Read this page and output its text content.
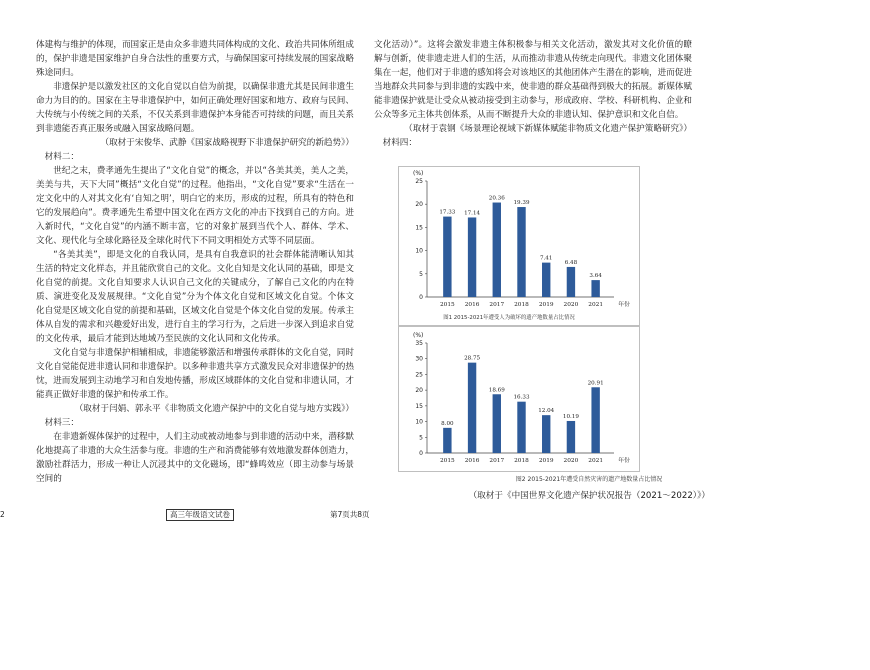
体建构与维护的体现，而国家正是由众多非遗共同体构成的文化、政治共同体所组成的，保护非遗是国家维护自身合法性的重要方式，与确保国家可持续发展的国家战略殊途同归。

非遗保护是以激发社区的文化自觉以自信为前提，以确保非遗尤其是民间非遗生命力为目的的。国家在主导非遗保护中，如何正确处理好国家和地方、政府与民间、大传统与小传统之间的关系，不仅关系到非遗保护本身能否可持续的问题，而且关系到非遗能否真正服务或融入国家战略问题。

（取材于宋俊华、武静《国家战略视野下非遗保护研究的新趋势》）

材料二：

世纪之末，费孝通先生提出了“文化自觉”的概念，并以“各美其美，美人之美，美美与共，天下大同”概括“文化自觉”的过程。他指出，“文化自觉”要求“生活在一定文化中的人对其文化有‘自知之明’，明白它的来历，形成的过程，所具有的特色和它的发展趋向”。费孝通先生希望中国文化在西方文化的冲击下找到自己的方向。进入新时代，“文化自觉”的内涵不断丰富，它的对象扩展到当代个人、群体、学术、文化、现代化与全球化路径及全球化时代下不同文明相处方式等不同层面。

“各美其美”，即是文化的自我认同，是具有自我意识的社会群体能清晰认知其生活的特定文化样态，并且能欣赏自己的文化。文化自知是文化认同的基础，即是文化自觉的前提。文化自知要求人认识自己文化的关键成分，了解自己文化的内在特质、演进变化及发展规律。“文化自觉”分为个体文化自觉和区域文化自觉。个体文化自觉是区域文化自觉的前提和基础，区域文化自觉是个体文化自觉的发展。传承主体从自发的需求和兴趣爱好出发，进行自主的学习行为，之后进一步深入到追求自觉的文化传承，最后才能到达地域乃至民族的文化认同和文化传承。

文化自觉与非遗保护相辅相成，非遗能够激活和增强传承群体的文化自觉，同时文化自觉能促进非遗认同和非遗保护。以多种非遗共享方式激发民众对非遗保护的热忱，进而发展到主动地学习和自发地传播，形成区域群体的文化自觉和非遗认同，才能真正做好非遗的保护和传承工作。

（取材于闫娟、郭永平《非物质文化遗产保护中的文化自觉与地方实践》）

材料三：

在非遗新媒体保护的过程中，人们主动或被动地参与到非遗的活动中来，潜移默化地提高了非遗的大众生活参与度。非遗的生产和消费能够有效地激发群体创造力，激励社群活力，形成一种让人沉浸其中的文化磁场，即“蜂鸣效应（即主动参与场景空间的

文化活动）”。这将会激发非遗主体积极参与相关文化活动，激发其对文化价值的瞭解与创新，使非遗走进人们的生活，从而推动非遗从传统走向现代。非遗文化团体聚集在一起，他们对于非遗的感知将会对该地区的其他团体产生潜在的影响，进而促进当地群众共同参与到非遗的实践中来，使非遗的群众基础得到极大的拓展。新媒体赋能非遗保护就是让受众从被动接受到主动参与，形成政府、学校、科研机构、企业和公众等多元主体共创体系，从而不断提升大众的非遗认知、保护意识和文化自信。

（取材于袁钢《场景理论视域下新媒体赋能非物质文化遗产保护策略研究》）

材料四：

(%)
0
5
10
15
20
25
17.33
2015
17.14
2016
20.36
2017
19.39
2018
7.41
2019
6.48
2020
3.64
2021	年份
图1 2015-2021年遭受人为破坏的遗产地数量占比情况
(%)
0
5
10
15
20
25
30
35
8.00
2015
28.75
2016
18.69
2017
16.33
2018
12.04
2019
10.19
2020
20.91
2021	年份
图2 2015-2021年遭受自然灾害的遗产地数量占比情况
（取材于《中国世界文化遗产保护状况报告（2021～2022）》）
2	高三年级语文试卷	第7页共8页
